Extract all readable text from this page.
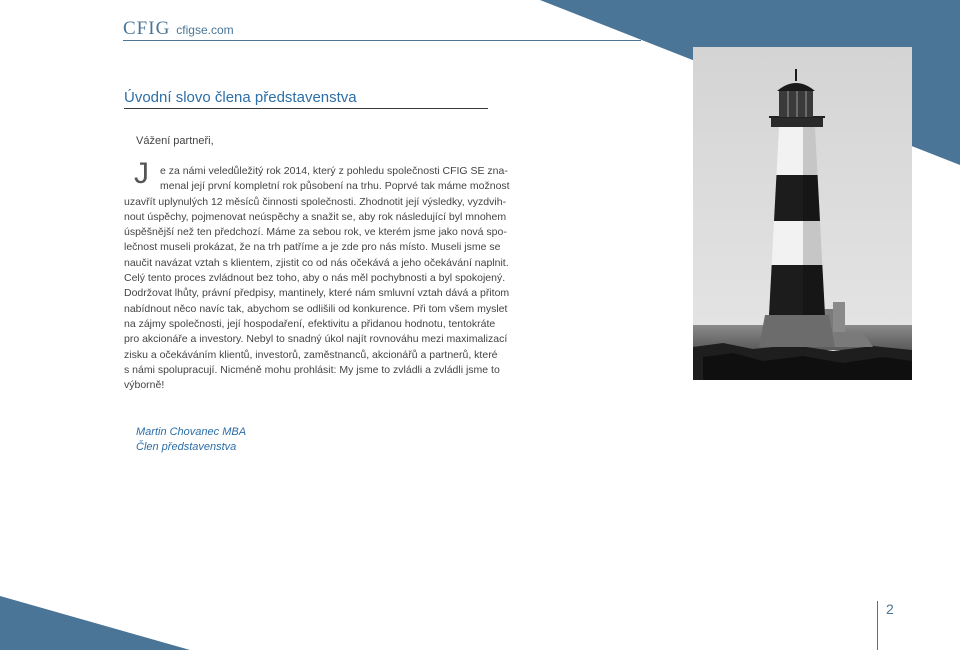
CFIG cfigse.com
Úvodní slovo člena představenstva
Vážení partneři,
J	e za námi veledůležitý rok 2014, který z pohledu společnosti CFIG SE zna-
menal její první kompletní rok působení na trhu. Poprvé tak máme možnost
uzavřít uplynulých 12 měsíců činnosti společnosti. Zhodnotit její výsledky, vyzdvih-
nout úspěchy, pojmenovat neúspěchy a snažit se, aby rok následující byl mnohem
úspěšnější než ten předchozí. Máme za sebou rok, ve kterém jsme jako nová spo-
lečnost museli prokázat, že na trh patříme a je zde pro nás místo. Museli jsme se
naučit navázat vztah s klientem, zjistit co od nás očekává a jeho očekávání naplnit.
Celý tento proces zvládnout bez toho, aby o nás měl pochybnosti a byl spokojený.
Dodržovat lhůty, právní předpisy, mantinely, které nám smluvní vztah dává a přitom
nabídnout něco navíc tak, abychom se odlišili od konkurence. Při tom všem myslet
na zájmy společnosti, její hospodaření, efektivitu a přidanou hodnotu, tentokráte
pro akcionáře a investory. Nebyl to snadný úkol najít rovnováhu mezi maximalizací
zisku a očekáváním klientů, investorů, zaměstnanců, akcionářů a partnerů, které
s námi spolupracují. Nicméně mohu prohlásit: My jsme to zvládli a zvládli jsme to
výborně!
Martin Chovanec MBA
Člen představenstva
2
